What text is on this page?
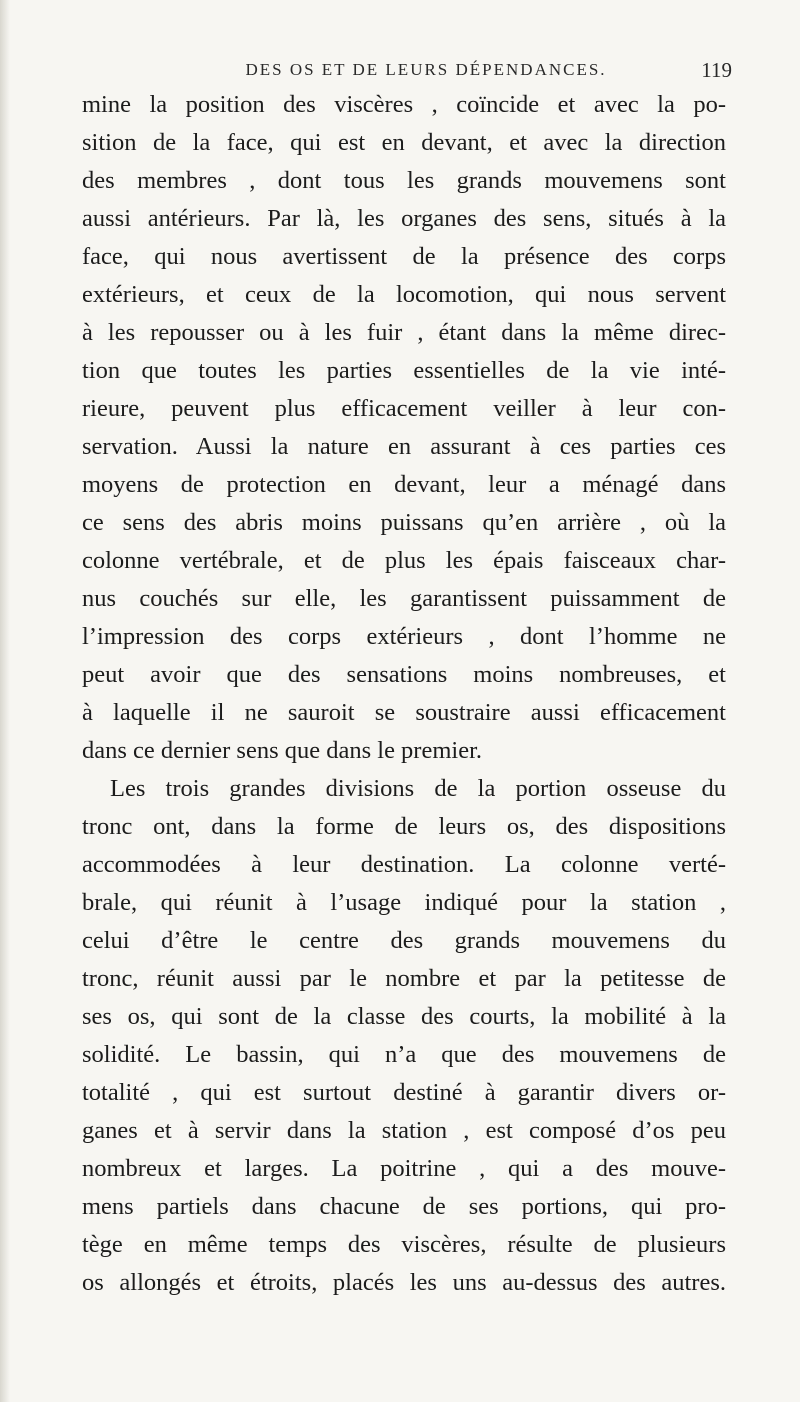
DES OS ET DE LEURS DÉPENDANCES.	119
mine la position des viscères , coïncide et avec la po-
sition de la face, qui est en devant, et avec la direction
des membres , dont tous les grands mouvemens sont
aussi antérieurs. Par là, les organes des sens, situés à la
face, qui nous avertissent de la présence des corps
extérieurs, et ceux de la locomotion, qui nous servent
à les repousser ou à les fuir , étant dans la même direc-
tion que toutes les parties essentielles de la vie inté-
rieure, peuvent plus efficacement veiller à leur con-
servation. Aussi la nature en assurant à ces parties ces
moyens de protection en devant, leur a ménagé dans
ce sens des abris moins puissans qu’en arrière , où la
colonne vertébrale, et de plus les épais faisceaux char-
nus couchés sur elle, les garantissent puissamment de
l’impression des corps extérieurs , dont l’homme ne
peut avoir que des sensations moins nombreuses, et
à laquelle il ne sauroit se soustraire aussi efficacement
dans ce dernier sens que dans le premier.
Les trois grandes divisions de la portion osseuse du
tronc ont, dans la forme de leurs os, des dispositions
accommodées à leur destination. La colonne verté-
brale, qui réunit à l’usage indiqué pour la station ,
celui d’être le centre des grands mouvemens du
tronc, réunit aussi par le nombre et par la petitesse de
ses os, qui sont de la classe des courts, la mobilité à la
solidité. Le bassin, qui n’a que des mouvemens de
totalité , qui est surtout destiné à garantir divers or-
ganes et à servir dans la station , est composé d’os peu
nombreux et larges. La poitrine , qui a des mouve-
mens partiels dans chacune de ses portions, qui pro-
tège en même temps des viscères, résulte de plusieurs
os allongés et étroits, placés les uns au-dessus des autres.
